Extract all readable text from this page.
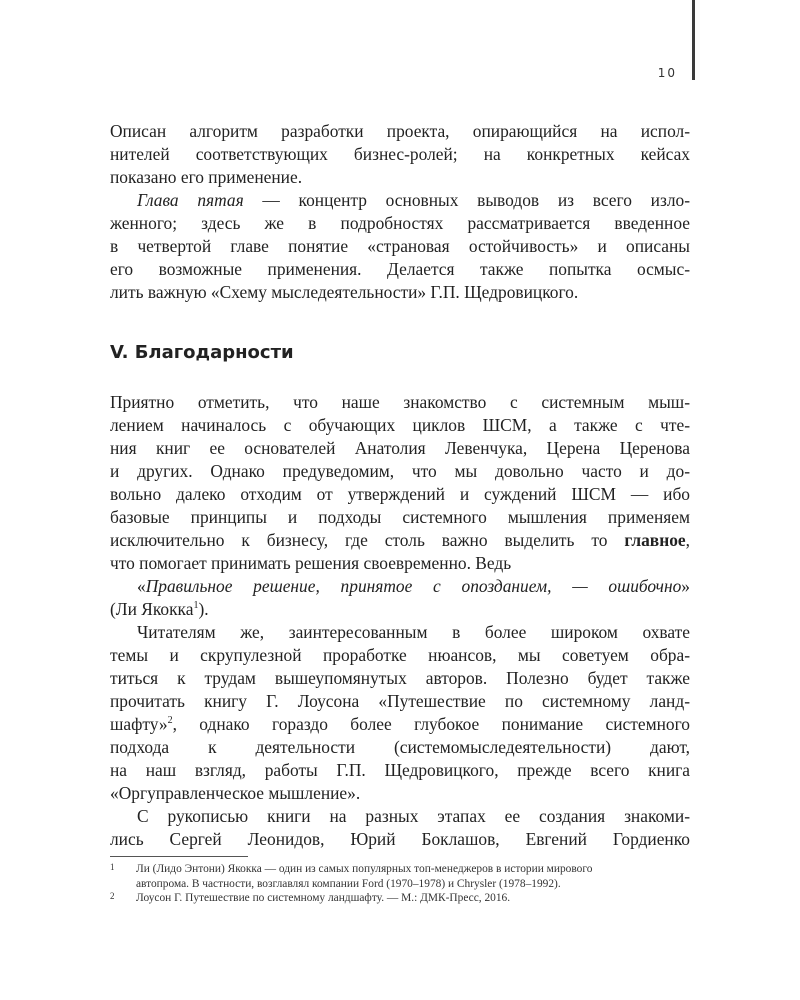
10

Описан алгоритм разработки проекта, опирающийся на испол-
нителей соответствующих бизнес-ролей; на конкретных кейсах

показано его применение.

Глава пятая — концентр основных выводов из всего изло-
женного; здесь же в подробностях рассматривается введенное
в четвертой главе понятие «страновая остойчивость» и описаны
его возможные применения. Делается также попытка осмыс-

лить важную «Схему мыследеятельности» Г.П. Щедровицкого.

V. Благодарности

Приятно отметить, что наше знакомство с системным мыш-
лением начиналось с обучающих циклов ШСМ, а также с чте-
ния книг ее основателей Анатолия Левенчука, Церена Церенова
и других. Однако предуведомим, что мы довольно часто и до-
вольно далеко отходим от утверждений и суждений ШСМ — ибо
базовые принципы и подходы системного мышления применяем
исключительно к бизнесу, где столь важно выделить то главное,

что помогает принимать решения своевременно. Ведь

«Правильное решение, принятое с опозданием, — ошибочно»

(Ли Якокка$^1$).

Читателям же, заинтересованным в более широком охвате
темы и скрупулезной проработке нюансов, мы советуем обра-
титься к трудам вышеупомянутых авторов. Полезно будет также
прочитать книгу Г. Лоусона «Путешествие по системному ланд-
шафту»$^2$, однако гораздо более глубокое понимание системного
подхода к деятельности (системомыследеятельности) дают,
на наш взгляд, работы Г.П. Щедровицкого, прежде всего книга

«Оргуправленческое мышление».

С рукописью книги на разных этапах ее создания знакоми-
лись Сергей Леонидов, Юрий Боклашов, Евгений Гордиенко

1 Ли (Лидо Энтони) Якокка — один из самых популярных топ-менеджеров в истории мирового
автопрома. В частности, возглавлял компании Ford (1970–1978) и Chrysler (1978–1992).
2 Лоусон Г. Путешествие по системному ландшафту. — М.: ДМК-Пресс, 2016.
